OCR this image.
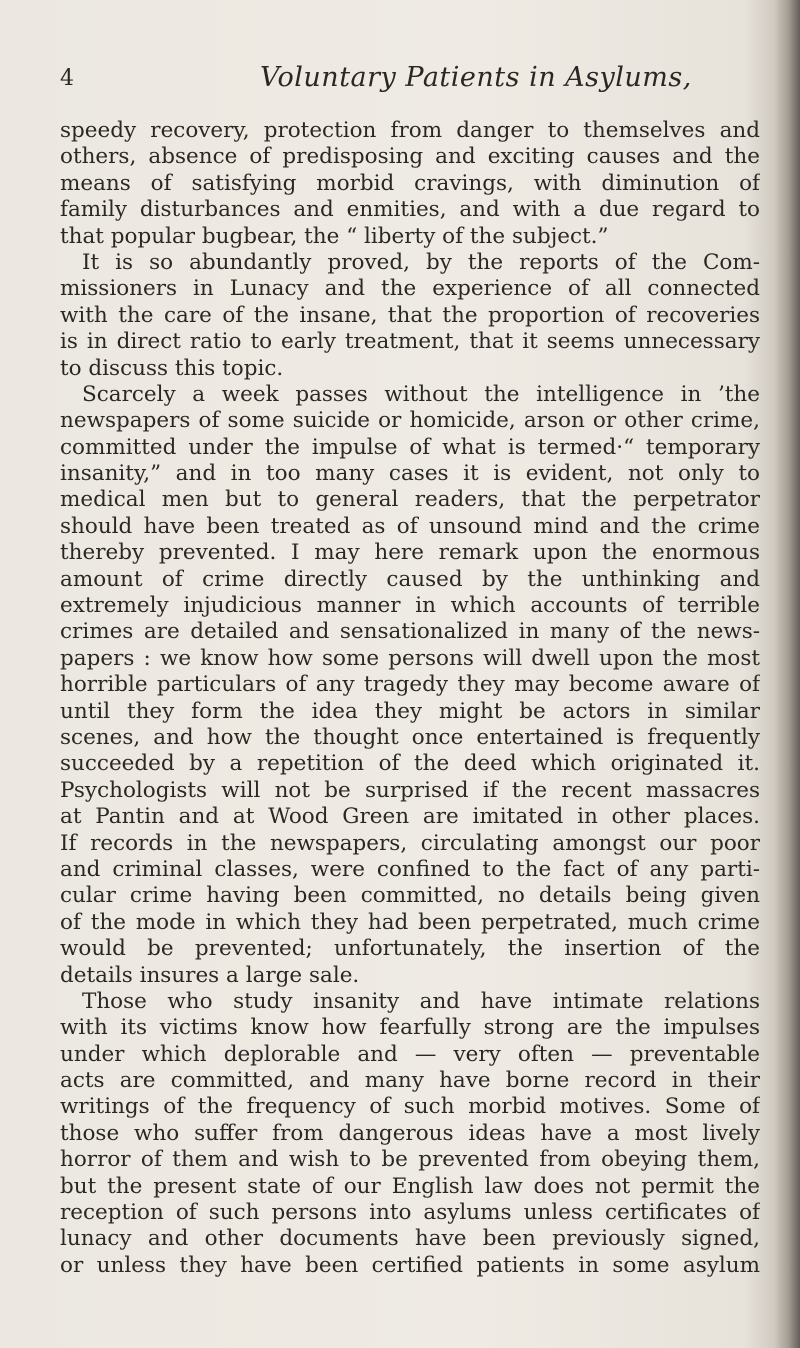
4	Voluntary Patients in Asylums,
speedy recovery, protection from danger to themselves and
others, absence of predisposing and exciting causes and the
means of satisfying morbid cravings, with diminution of
family disturbances and enmities, and with a due regard to
that popular bugbear, the “ liberty of the subject.”
It is so abundantly proved, by the reports of the Com-
missioners in Lunacy and the experience of all connected
with the care of the insane, that the proportion of recoveries
is in direct ratio to early treatment, that it seems unnecessary
to discuss this topic.
Scarcely a week passes without the intelligence in ’the
newspapers of some suicide or homicide, arson or other crime,
committed under the impulse of what is termed·“ temporary
insanity,” and in too many cases it is evident, not only to
medical men but to general readers, that the perpetrator
should have been treated as of unsound mind and the crime
thereby prevented. I may here remark upon the enormous
amount of crime directly caused by the unthinking and
extremely injudicious manner in which accounts of terrible
crimes are detailed and sensationalized in many of the news-
papers : we know how some persons will dwell upon the most
horrible particulars of any tragedy they may become aware of
until they form the idea they might be actors in similar
scenes, and how the thought once entertained is frequently
succeeded by a repetition of the deed which originated it.
Psychologists will not be surprised if the recent massacres
at Pantin and at Wood Green are imitated in other places.
If records in the newspapers, circulating amongst our poor
and criminal classes, were confined to the fact of any parti-
cular crime having been committed, no details being given
of the mode in which they had been perpetrated, much crime
would be prevented; unfortunately, the insertion of the
details insures a large sale.
Those who study insanity and have intimate relations
with its victims know how fearfully strong are the impulses
under which deplorable and — very often — preventable
acts are committed, and many have borne record in their
writings of the frequency of such morbid motives. Some of
those who suffer from dangerous ideas have a most lively
horror of them and wish to be prevented from obeying them,
but the present state of our English law does not permit the
reception of such persons into asylums unless certificates of
lunacy and other documents have been previously signed,
or unless they have been certified patients in some asylum
